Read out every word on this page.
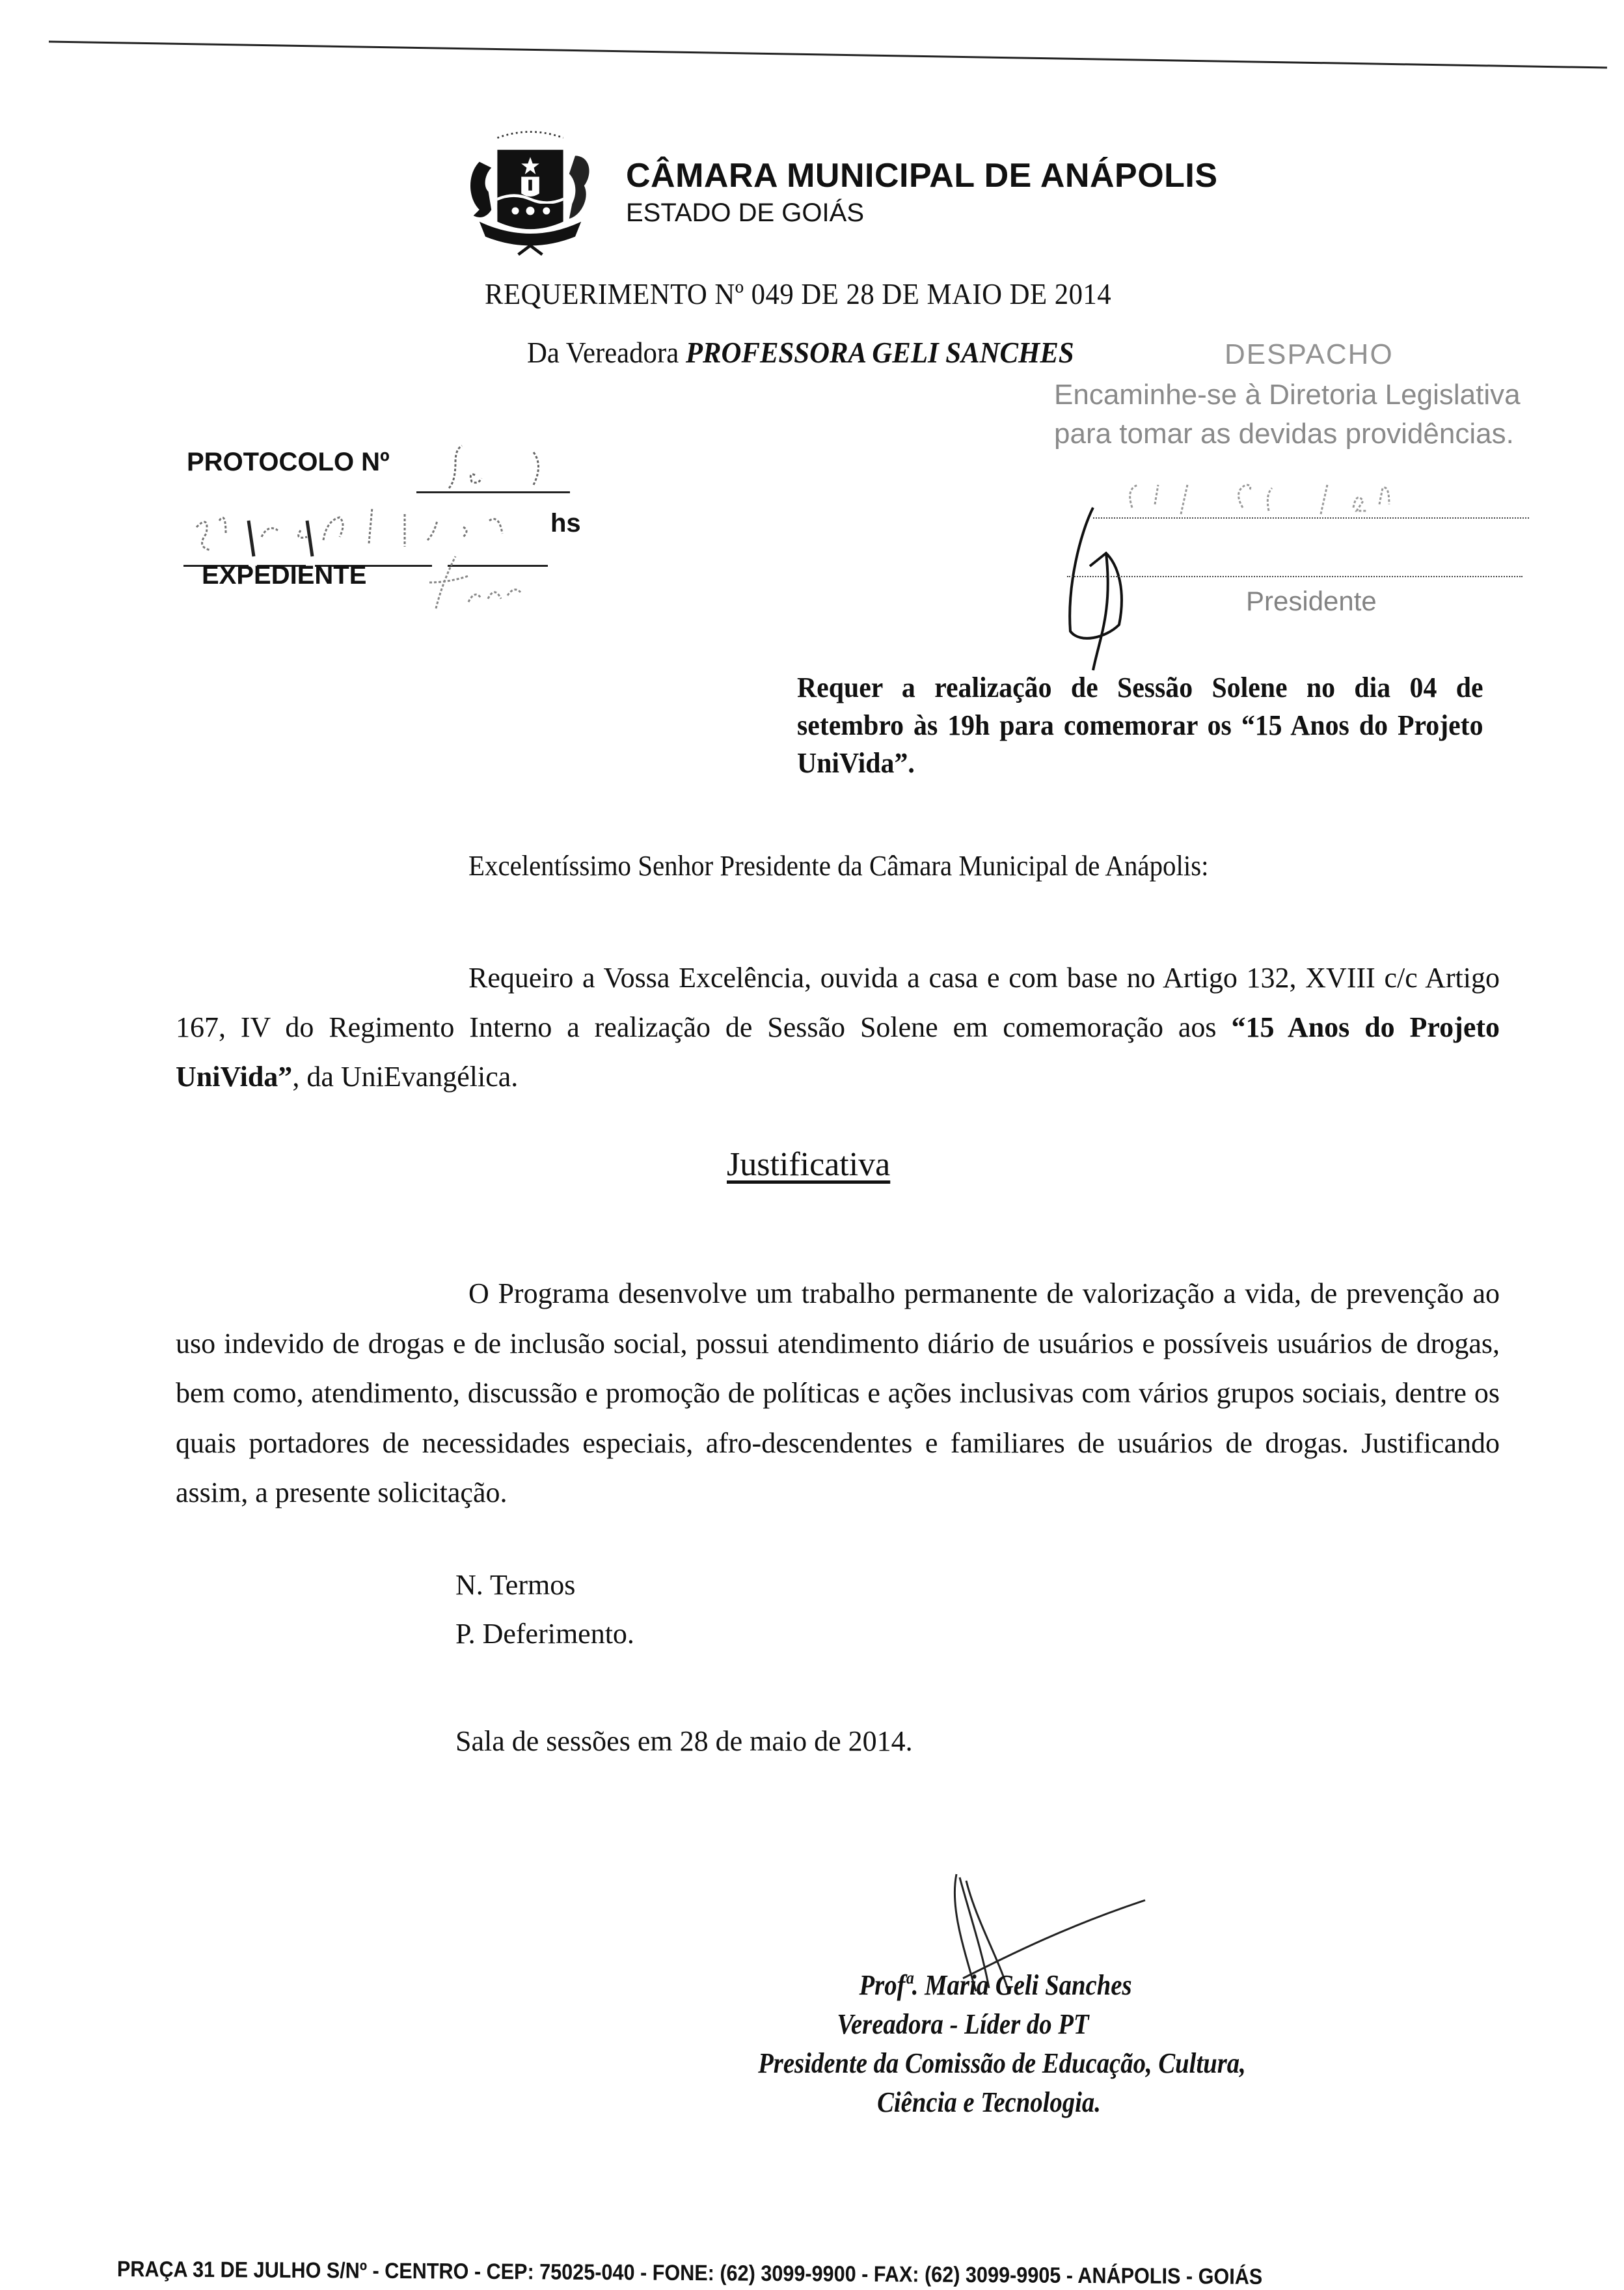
CÂMARA MUNICIPAL DE ANÁPOLIS
ESTADO DE GOIÁS
REQUERIMENTO Nº 049 DE 28 DE MAIO DE 2014
Da Vereadora PROFESSORA GELI SANCHES	DESPACHO
Encaminhe-se à Diretoria Legislativa
para tomar as devidas providências.
Presidente
PROTOCOLO Nº
hs
EXPEDIENTE
Requer a realização de Sessão Solene no dia 04 de setembro às 19h para comemorar os “15 Anos do Projeto UniVida”.
Excelentíssimo Senhor Presidente da Câmara Municipal de Anápolis:
Requeiro a Vossa Excelência, ouvida a casa e com base no Artigo 132, XVIII c/c Artigo 167, IV do Regimento Interno a realização de Sessão Solene em comemoração aos “15 Anos do Projeto UniVida”, da UniEvangélica.
Justificativa
O Programa desenvolve um trabalho permanente de valorização a vida, de prevenção ao uso indevido de drogas e de inclusão social, possui atendimento diário de usuários e possíveis usuários de drogas, bem como, atendimento, discussão e promoção de políticas e ações inclusivas com vários grupos sociais, dentre os quais portadores de necessidades especiais, afro-descendentes e familiares de usuários de drogas. Justificando assim, a presente solicitação.
N. Termos
P. Deferimento.
Sala de sessões em 28 de maio de 2014.
Profª. Maria Geli Sanches
Vereadora - Líder do PT
Presidente da Comissão de Educação, Cultura,
Ciência e Tecnologia.
PRAÇA 31 DE JULHO S/Nº - CENTRO - CEP: 75025-040 - FONE: (62) 3099-9900 - FAX: (62) 3099-9905 - ANÁPOLIS - GOIÁS
